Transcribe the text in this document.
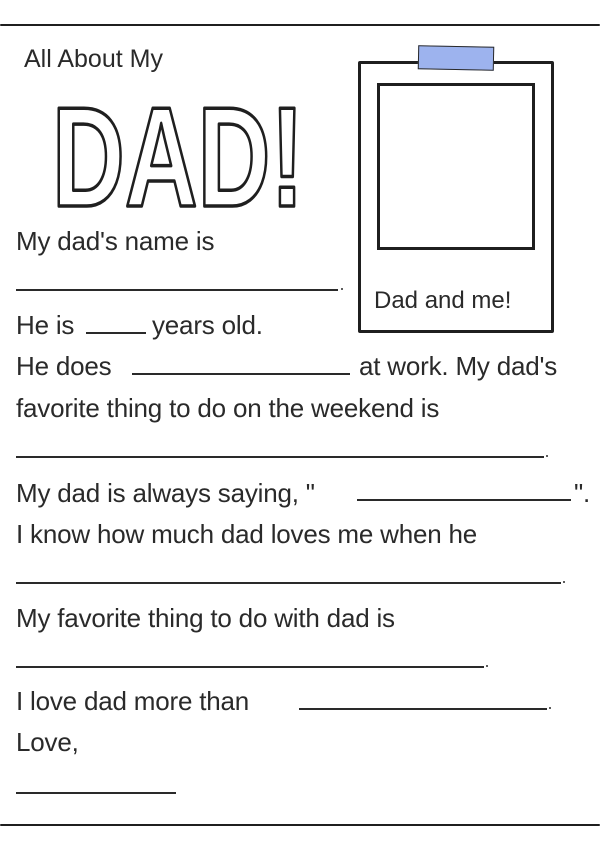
All About My
DAD!
Dad and me!
My dad's name is
He is	years old.
He does	at work. My dad's
favorite thing to do on the weekend is
My dad is always saying, "	".
I know how much dad loves me when he
My favorite thing to do with dad is
I love dad more than
Love,
